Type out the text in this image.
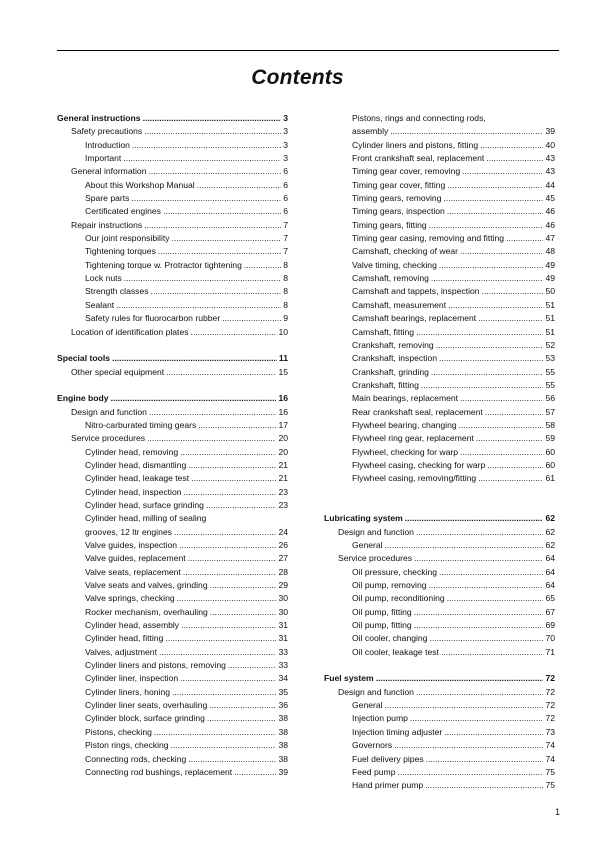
Contents
General instructions . . .	3
Safety precautions . . .	3
Introduction . . .	3
Important . . .	3
General information . . .	6
About this Workshop Manual . . .	6
Spare parts . . .	6
Certificated engines . . .	6
Repair instructions . . .	7
Our joint responsibility . . .	7
Tightening torques . . .	7
Tightening torque w. Protractor tightening . . .	8
Lock nuts . . .	8
Strength classes . . .	8
Sealant . . .	8
Safety rules for fluorocarbon rubber . . .	9
Location of identification plates . . .	10
Special tools . . .	11
Other special equipment . . .	15
Engine body . . .	16
Design and function . . .	16
Nitro-carburated timing gears . . .	17
Service procedures . . .	20
Cylinder head, removing . . .	20
Cylinder head, dismantling . . .	21
Cylinder head, leakage test . . .	21
Cylinder head, inspection . . .	23
Cylinder head, surface grinding . . .	23
Cylinder head, milling of sealing
grooves, 12 ltr engines . . .	24
Valve guides, inspection . . .	26
Valve guides, replacement . . .	27
Valve seats, replacement . . .	28
Valve seats and valves, grinding . . .	29
Valve springs, checking . . .	30
Rocker mechanism, overhauling . . .	30
Cylinder head, assembly . . .	31
Cylinder head, fitting . . .	31
Valves, adjustment . . .	33
Cylinder liners and pistons, removing . . .	33
Cylinder liner, inspection . . .	34
Cylinder liners, honing . . .	35
Cylinder liner seats, overhauling . . .	36
Cylinder block, surface grinding . . .	38
Pistons, checking . . .	38
Piston rings, checking . . .	38
Connecting rods, checking . . .	38
Connecting rod bushings, replacement . . .	39
Pistons, rings and connecting rods,
assembly . . .	39
Cylinder liners and pistons, fitting . . .	40
Front crankshaft seal, replacement . . .	43
Timing gear cover, removing . . .	43
Timing gear cover, fitting . . .	44
Timing gears, removing . . .	45
Timing gears, inspection . . .	46
Timing gears, fitting . . .	46
Timing gear casing, removing and fitting . . .	47
Camshaft, checking of wear . . .	48
Valve timing, checking . . .	49
Camshaft, removing . . .	49
Camshaft and tappets, inspection . . .	50
Camshaft, measurement . . .	51
Camshaft bearings, replacement . . .	51
Camshaft, fitting . . .	51
Crankshaft, removing . . .	52
Crankshaft, inspection . . .	53
Crankshaft, grinding . . .	55
Crankshaft, fitting . . .	55
Main bearings, replacement . . .	56
Rear crankshaft seal, replacement . . .	57
Flywheel bearing, changing . . .	58
Flywheel ring gear, replacement . . .	59
Flywheel, checking for warp . . .	60
Flywheel casing, checking for warp . . .	60
Flywheel casing, removing/fitting . . .	61
Lubricating system . . .	62
Design and function . . .	62
General . . .	62
Service procedures . . .	64
Oil pressure, checking . . .	64
Oil pump, removing . . .	64
Oil pump, reconditioning . . .	65
Oil pump, fitting . . .	67
Oil pump, fitting . . .	69
Oil cooler, changing . . .	70
Oil cooler, leakage test . . .	71
Fuel system . . .	72
Design and function . . .	72
General . . .	72
Injection pump . . .	72
Injection timing adjuster . . .	73
Governors . . .	74
Fuel delivery pipes . . .	74
Feed pump . . .	75
Hand primer pump . . .	75
1
